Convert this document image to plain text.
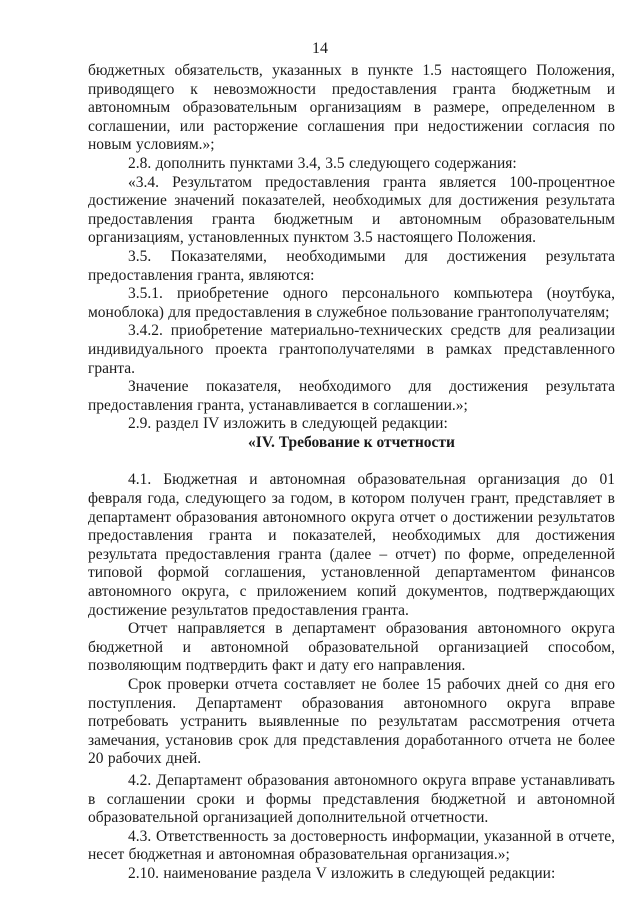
14

бюджетных обязательств, указанных в пункте 1.5 настоящего Положения, приводящего к невозможности предоставления гранта бюджетным и автономным образовательным организациям в размере, определенном в соглашении, или расторжение соглашения при недостижении согласия по новым условиям.»;

2.8. дополнить пунктами 3.4, 3.5 следующего содержания:

«3.4. Результатом предоставления гранта является 100-процентное достижение значений показателей, необходимых для достижения результата предоставления гранта бюджетным и автономным образовательным организациям, установленных пунктом 3.5 настоящего Положения.

3.5. Показателями, необходимыми для достижения результата предоставления гранта, являются:

3.5.1. приобретение одного персонального компьютера (ноутбука, моноблока) для предоставления в служебное пользование грантополучателям;

3.4.2. приобретение материально-технических средств для реализации индивидуального проекта грантополучателями в рамках представленного гранта.

Значение показателя, необходимого для достижения результата предоставления гранта, устанавливается в соглашении.»;

2.9. раздел IV изложить в следующей редакции:

«IV. Требование к отчетности

4.1. Бюджетная и автономная образовательная организация до 01 февраля года, следующего за годом, в котором получен грант, представляет в департамент образования автономного округа отчет о достижении результатов предоставления гранта и показателей, необходимых для достижения результата предоставления гранта (далее – отчет) по форме, определенной типовой формой соглашения, установленной департаментом финансов автономного округа, с приложением копий документов, подтверждающих достижение результатов предоставления гранта.

Отчет направляется в департамент образования автономного округа бюджетной и автономной образовательной организацией способом, позволяющим подтвердить факт и дату его направления.

Срок проверки отчета составляет не более 15 рабочих дней со дня его поступления. Департамент образования автономного округа вправе потребовать устранить выявленные по результатам рассмотрения отчета замечания, установив срок для представления доработанного отчета не более 20 рабочих дней.

4.2. Департамент образования автономного округа вправе устанавливать в соглашении сроки и формы представления бюджетной и автономной образовательной организацией дополнительной отчетности.

4.3. Ответственность за достоверность информации, указанной в отчете, несет бюджетная и автономная образовательная организация.»;

2.10. наименование раздела V изложить в следующей редакции:
